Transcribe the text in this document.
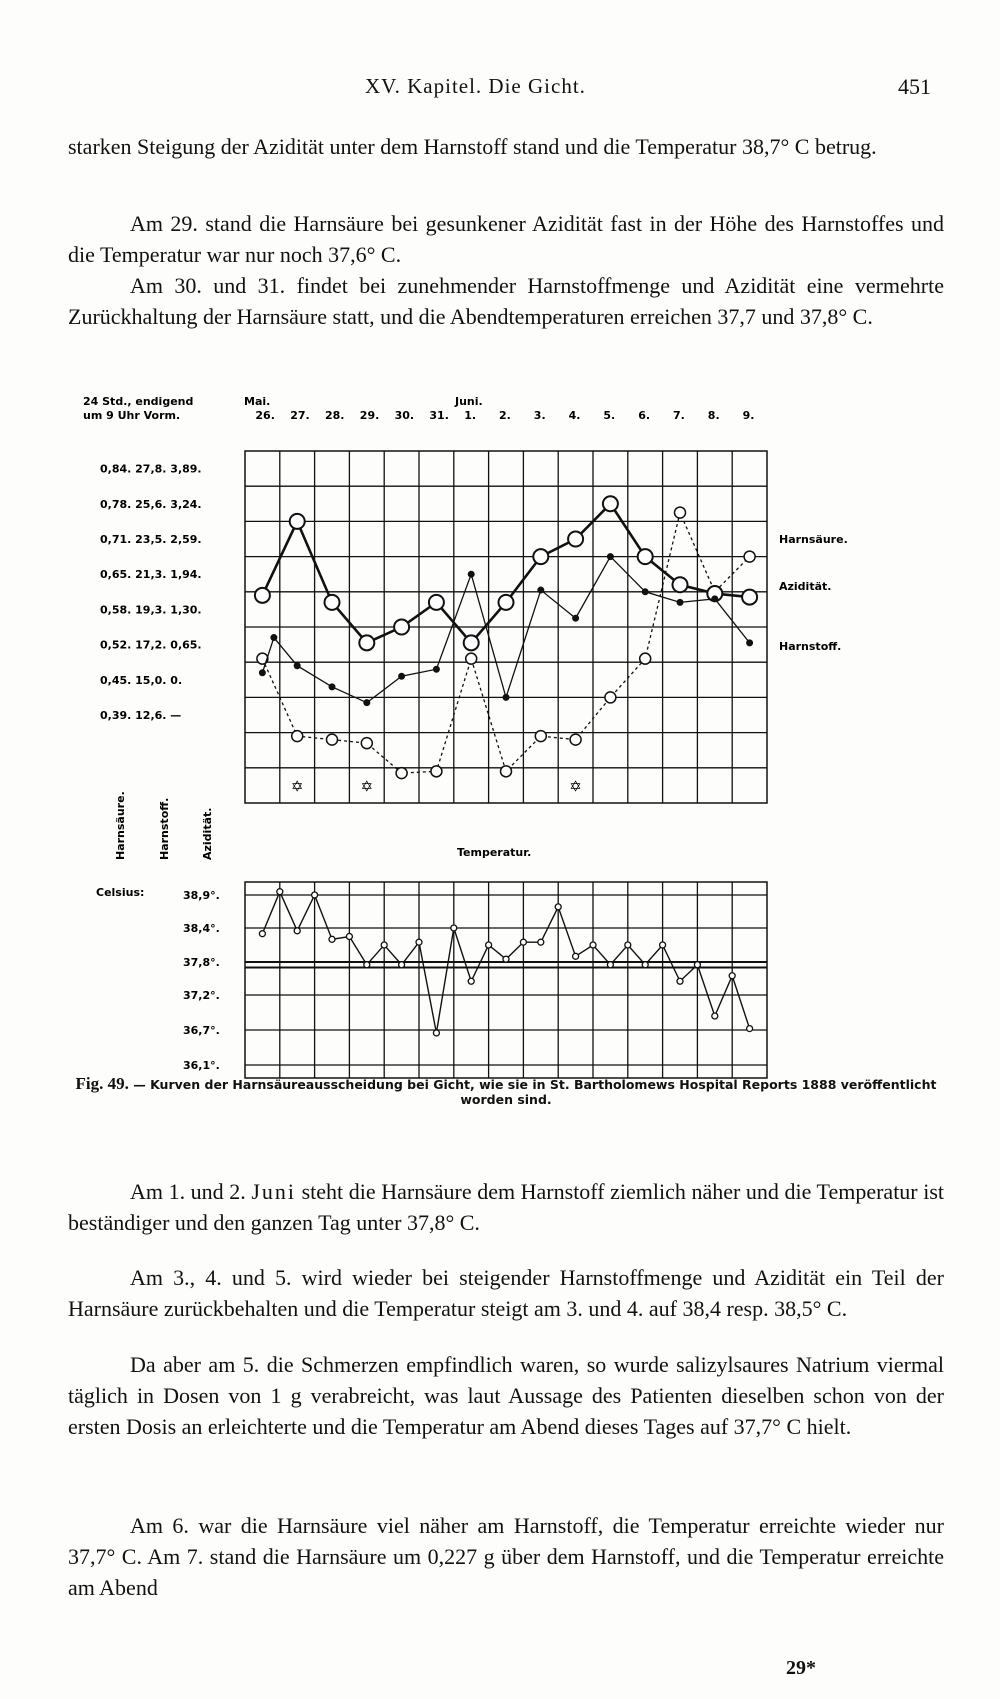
XV. Kapitel. Die Gicht.	451

starken Steigung der Azidität unter dem Harnstoff stand und die Temperatur 38,7° C betrug.

Am 29. stand die Harnsäure bei gesunkener Azidität fast in der Höhe des Harnstoffes und die Temperatur war nur noch 37,6° C.

Am 30. und 31. findet bei zunehmender Harnstoffmenge und Azidität eine vermehrte Zurückhaltung der Harnsäure statt, und die Abendtemperaturen erreichen 37,7 und 37,8° C.

24 Std., endigend
um 9 Uhr Vorm.
Mai.	Juni.
26. 27. 28. 29. 30. 31. 1. 2. 3. 4. 5. 6. 7. 8. 9.
0,84. 27,8. 3,89.
0,78. 25,6. 3,24.
0,71. 23,5. 2,59.
0,65. 21,3. 1,94.
0,58. 19,3. 1,30.
0,52. 17,2. 0,65.
0,45. 15,0. 0.
0,39. 12,6. —
✡	✡	✡
Harnsäure.
Azidität.
Harnstoff.
Harnsäure.	Harnstoff.	Azidität.	Temperatur.
Celsius:	38,9°.
38,4°.
37,8°.
37,2°.
36,7°.
36,1°.
Fig. 49. — Kurven der Harnsäureausscheidung bei Gicht, wie sie in St. Bartholomews Hospital Reports 1888 veröffentlicht worden sind.

Am 1. und 2. Juni steht die Harnsäure dem Harnstoff ziemlich näher und die Temperatur ist beständiger und den ganzen Tag unter 37,8° C.

Am 3., 4. und 5. wird wieder bei steigender Harnstoffmenge und Azidität ein Teil der Harnsäure zurückbehalten und die Temperatur steigt am 3. und 4. auf 38,4 resp. 38,5° C.

Da aber am 5. die Schmerzen empfindlich waren, so wurde salizylsaures Natrium viermal täglich in Dosen von 1 g verabreicht, was laut Aussage des Patienten dieselben schon von der ersten Dosis an erleichterte und die Temperatur am Abend dieses Tages auf 37,7° C hielt.

Am 6. war die Harnsäure viel näher am Harnstoff, die Temperatur erreichte wieder nur 37,7° C. Am 7. stand die Harnsäure um 0,227 g über dem Harnstoff, und die Temperatur erreichte am Abend

29*
